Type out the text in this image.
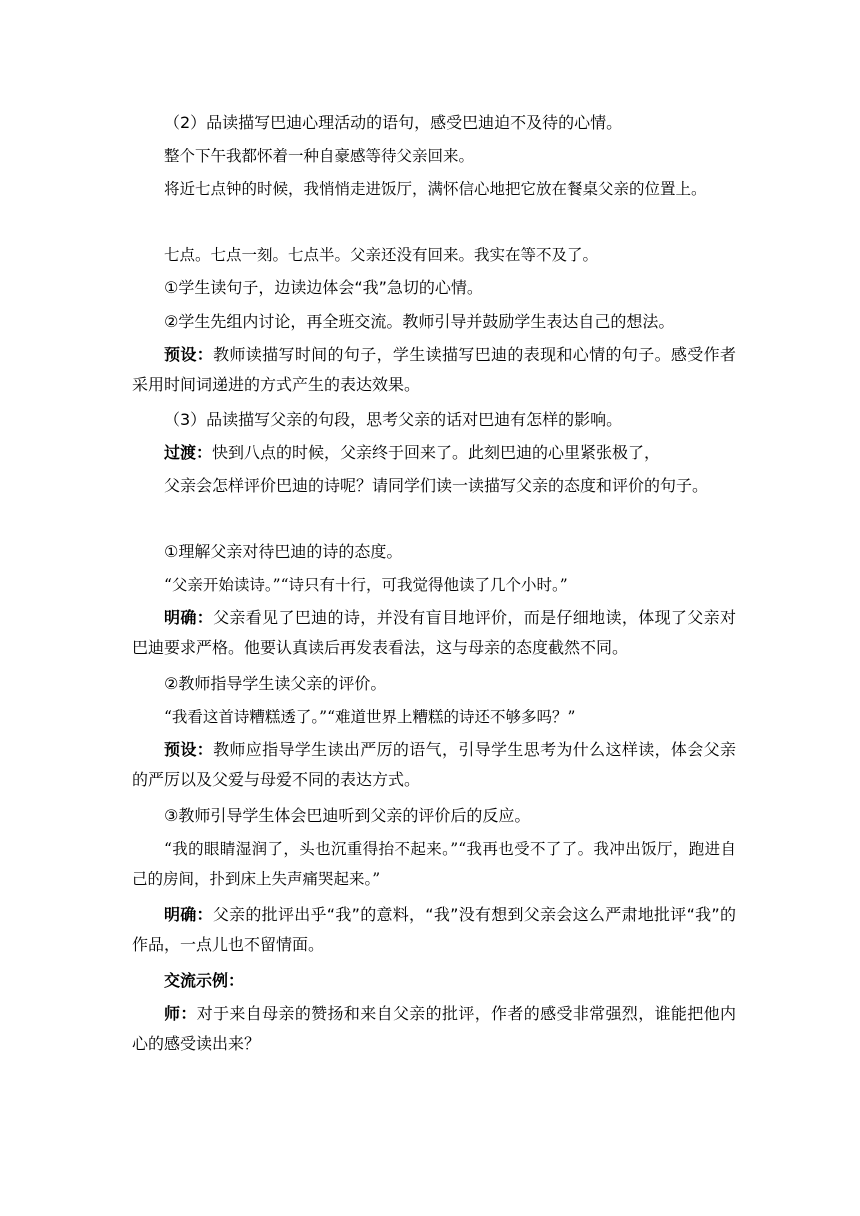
（2）品读描写巴迪心理活动的语句，感受巴迪迫不及待的心情。

整个下午我都怀着一种自豪感等待父亲回来。

将近七点钟的时候，我悄悄走进饭厅，满怀信心地把它放在餐桌父亲的位置上。

七点。七点一刻。七点半。父亲还没有回来。我实在等不及了。

①学生读句子，边读边体会“我”急切的心情。

②学生先组内讨论，再全班交流。教师引导并鼓励学生表达自己的想法。

预设：教师读描写时间的句子，学生读描写巴迪的表现和心情的句子。感受作者采用时间词递进的方式产生的表达效果。

（3）品读描写父亲的句段，思考父亲的话对巴迪有怎样的影响。

过渡：快到八点的时候，父亲终于回来了。此刻巴迪的心里紧张极了，

父亲会怎样评价巴迪的诗呢？请同学们读一读描写父亲的态度和评价的句子。

①理解父亲对待巴迪的诗的态度。

“父亲开始读诗。”“诗只有十行，可我觉得他读了几个小时。”

明确：父亲看见了巴迪的诗，并没有盲目地评价，而是仔细地读，体现了父亲对巴迪要求严格。他要认真读后再发表看法，这与母亲的态度截然不同。

②教师指导学生读父亲的评价。

“我看这首诗糟糕透了。”“难道世界上糟糕的诗还不够多吗？”

预设：教师应指导学生读出严厉的语气，引导学生思考为什么这样读，体会父亲的严厉以及父爱与母爱不同的表达方式。

③教师引导学生体会巴迪听到父亲的评价后的反应。

“我的眼睛湿润了，头也沉重得抬不起来。”“我再也受不了了。我冲出饭厅，跑进自己的房间，扑到床上失声痛哭起来。”

明确：父亲的批评出乎“我”的意料，“我”没有想到父亲会这么严肃地批评“我”的作品，一点儿也不留情面。

交流示例：

师：对于来自母亲的赞扬和来自父亲的批评，作者的感受非常强烈，谁能把他内心的感受读出来？
